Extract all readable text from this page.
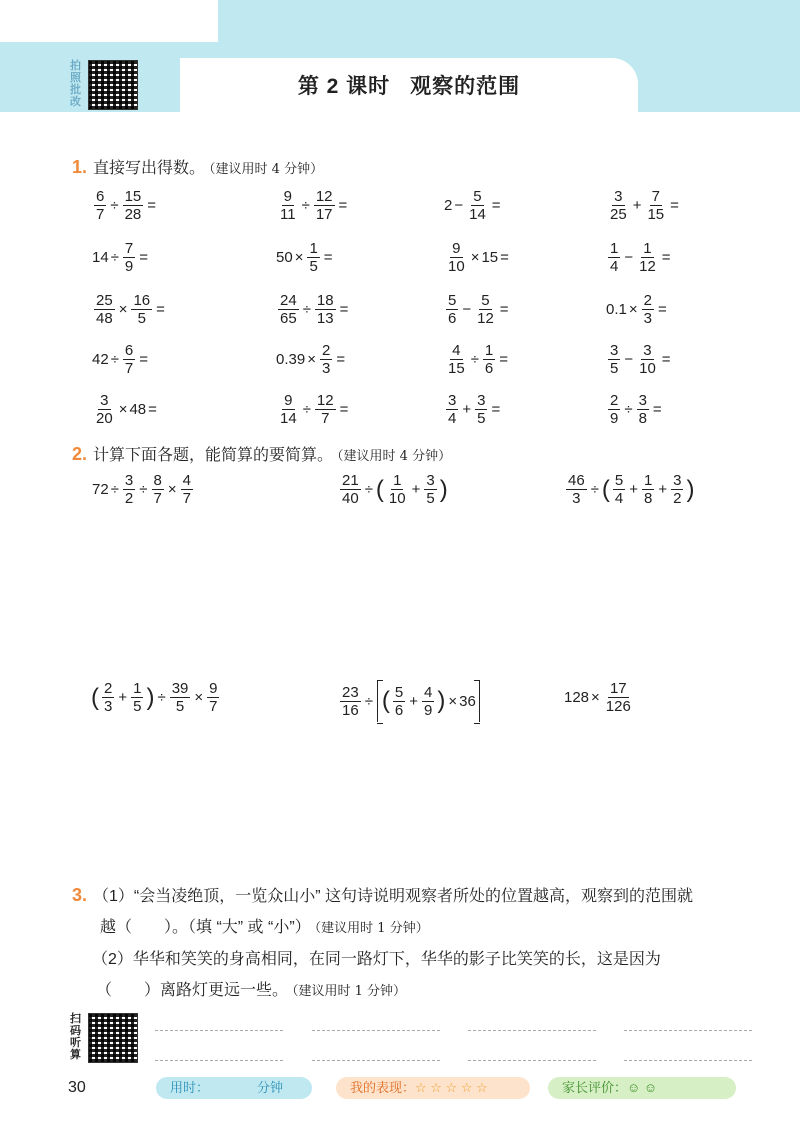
拍照批改
第 2 课时 观察的范围
1. 直接写出得数。 （建议用时 4 分钟）
$\frac{6}{7} \div \frac{15}{28}$ =	$\frac{9}{11} \div \frac{12}{17}$ =	$2 - \frac{5}{14}$ =	$\frac{3}{25} + \frac{7}{15}$ =
$14 \div \frac{7}{9}$ =	$50 \times \frac{1}{5}$ =	$\frac{9}{10} \times 15$ =	$\frac{1}{4} - \frac{1}{12}$ =
$\frac{25}{48} \times \frac{16}{5}$ =	$\frac{24}{65} \div \frac{18}{13}$ =	$\frac{5}{6} - \frac{5}{12}$ =	$0.1 \times \frac{2}{3}$ =
$42 \div \frac{6}{7}$ =	$0.39 \times \frac{2}{3}$ =	$\frac{4}{15} \div \frac{1}{6}$ =	$\frac{3}{5} - \frac{3}{10}$ =
$\frac{3}{20} \times 48$ =	$\frac{9}{14} \div \frac{12}{7}$ =	$\frac{3}{4} + \frac{3}{5}$ =	$\frac{2}{9} \div \frac{3}{8}$ =
2. 计算下面各题，能简算的要简算。 （建议用时 4 分钟）
$72 \div \frac{3}{2} \div \frac{8}{7} \times \frac{4}{7}$	$\frac{21}{40}$ ÷ ( $\frac{1}{10} + \frac{3}{5}$ )	$\frac{46}{3}$ ÷ ( $\frac{5}{4} + \frac{1}{8} + \frac{3}{2}$ )
( $\frac{2}{3} + \frac{1}{5}$ ) ÷ $\frac{39}{5} \times \frac{9}{7}$	$\frac{23}{16}$ ÷ ( $\frac{5}{6} + \frac{4}{9}$ ) × 36	$128 \times \frac{17}{126}$
3. （1）“会当凌绝顶，一览众山小” 这句诗说明观察者所处的位置越高，观察到的范围就
越（　　）。（填 “大” 或 “小”） （建议用时 1 分钟）
（2）华华和笑笑的身高相同，在同一路灯下，华华的影子比笑笑的长，这是因为
（　　）离路灯更远一些。 （建议用时 1 分钟）
扫码听算
30	用时：	分钟	我的表现：☆ ☆ ☆ ☆ ☆	家长评价：☺ ☺
